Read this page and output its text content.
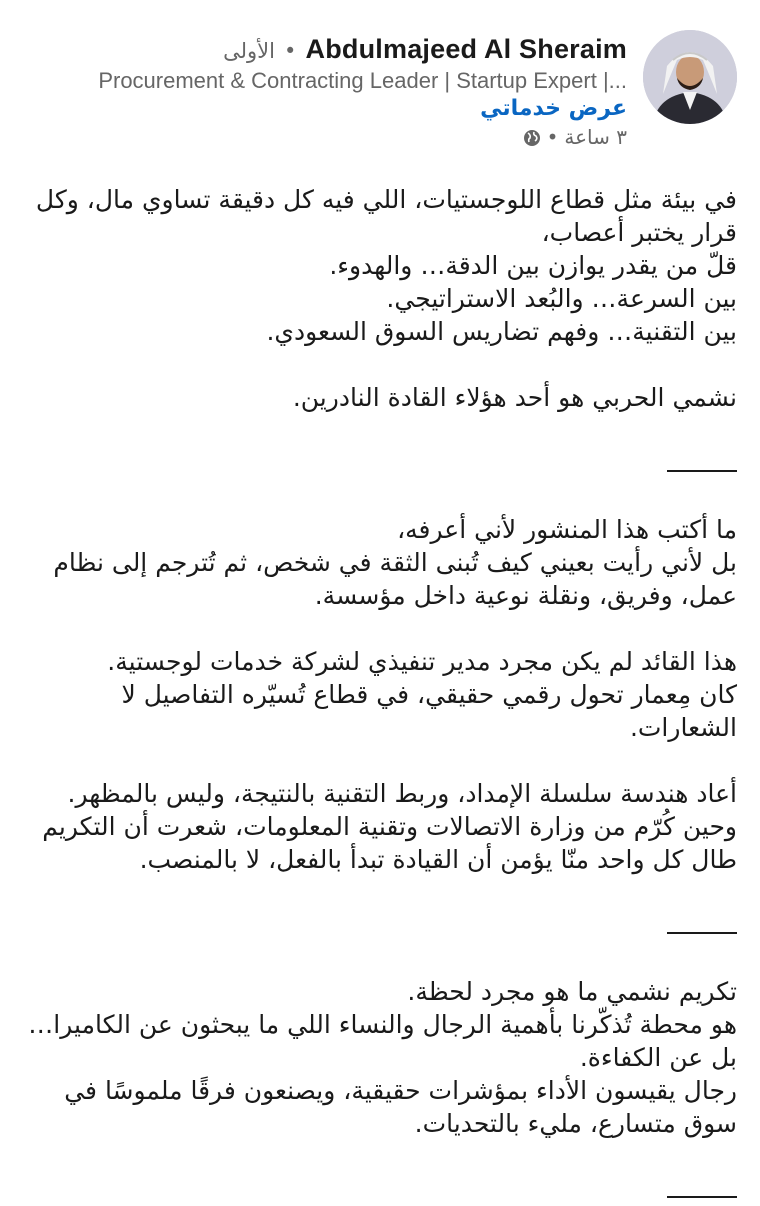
الأولى • Abdulmajeed Al Sheraim
Procurement & Contracting Leader | Startup Expert |...
عرض خدماتي
٣ ساعة
•

في بيئة مثل قطاع اللوجستيات، اللي فيه كل دقيقة تساوي مال، وكل قرار يختبر أعصاب،

قلّ من يقدر يوازن بين الدقة… والهدوء.

بين السرعة… والبُعد الاستراتيجي.

بين التقنية… وفهم تضاريس السوق السعودي.

نشمي الحربي هو أحد هؤلاء القادة النادرين.

ما أكتب هذا المنشور لأني أعرفه،

بل لأني رأيت بعيني كيف تُبنى الثقة في شخص، ثم تُترجم إلى نظام عمل، وفريق، ونقلة نوعية داخل مؤسسة.

هذا القائد لم يكن مجرد مدير تنفيذي لشركة خدمات لوجستية.

كان مِعمار تحول رقمي حقيقي، في قطاع تُسيّره التفاصيل لا الشعارات.

أعاد هندسة سلسلة الإمداد، وربط التقنية بالنتيجة، وليس بالمظهر.

وحين كُرّم من وزارة الاتصالات وتقنية المعلومات، شعرت أن التكريم طال كل واحد منّا يؤمن أن القيادة تبدأ بالفعل، لا بالمنصب.

تكريم نشمي ما هو مجرد لحظة.

هو محطة تُذكّرنا بأهمية الرجال والنساء اللي ما يبحثون عن الكاميرا… بل عن الكفاءة.

رجال يقيسون الأداء بمؤشرات حقيقية، ويصنعون فرقًا ملموسًا في سوق متسارع، مليء بالتحديات.
